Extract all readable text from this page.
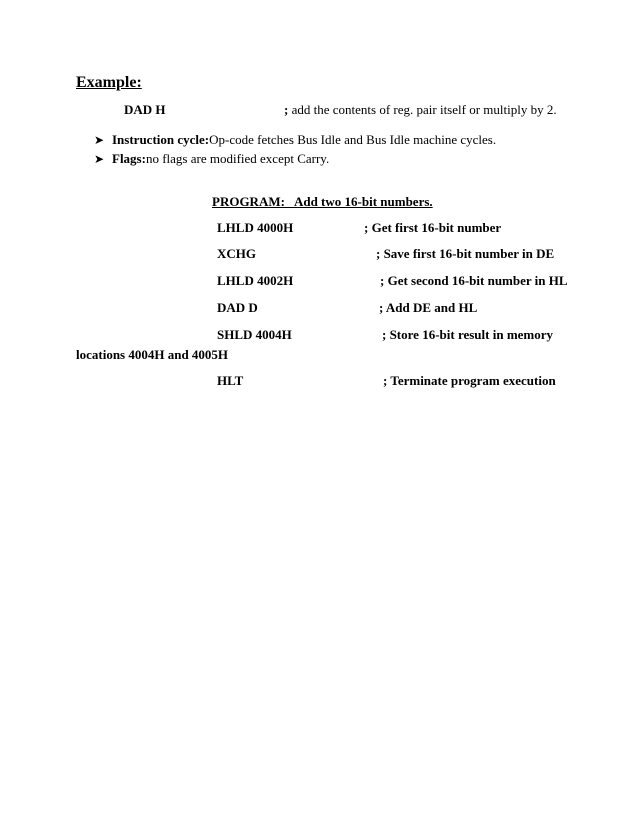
Example:
DAD H	; add the contents of reg. pair itself or multiply by 2.
➤ Instruction cycle: Op-code fetches Bus Idle and Bus Idle machine cycles.
➤ Flags: no flags are modified except Carry.
PROGRAM:   Add two 16-bit numbers.
LHLD 4000H	; Get first 16-bit number
XCHG	; Save first 16-bit number in DE
LHLD 4002H	; Get second 16-bit number in HL
DAD D	; Add DE and HL
SHLD 4004H	; Store 16-bit result in memory
locations 4004H and 4005H
HLT	; Terminate program execution
